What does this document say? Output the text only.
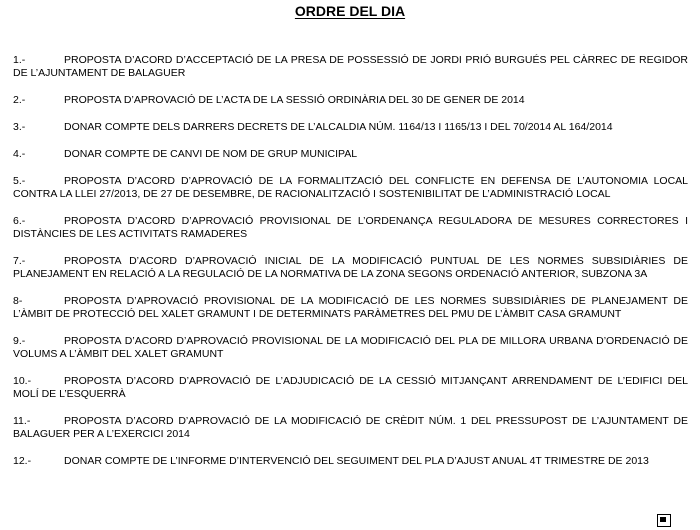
ORDRE DEL DIA

1.-	PROPOSTA D’ACORD D’ACCEPTACIÓ DE LA PRESA DE POSSESSIÓ DE JORDI PRIÓ BURGUÉS PEL CÀRREC DE REGIDOR DE L’AJUNTAMENT DE BALAGUER

2.-	PROPOSTA D’APROVACIÓ DE L’ACTA DE LA SESSIÓ ORDINÀRIA DEL 30 DE GENER DE 2014

3.-	DONAR COMPTE DELS DARRERS DECRETS DE L’ALCALDIA NÚM. 1164/13 I 1165/13 I DEL 70/2014 AL 164/2014

4.-	DONAR COMPTE DE CANVI DE NOM DE GRUP MUNICIPAL

5.-	PROPOSTA D’ACORD D’APROVACIÓ DE LA FORMALITZACIÓ DEL CONFLICTE EN DEFENSA DE L’AUTONOMIA LOCAL CONTRA LA LLEI 27/2013, DE 27 DE DESEMBRE, DE RACIONALITZACIÓ I SOSTENIBILITAT DE L’ADMINISTRACIÓ LOCAL

6.-	PROPOSTA D’ACORD D’APROVACIÓ PROVISIONAL DE L’ORDENANÇA REGULADORA DE MESURES CORRECTORES I DISTÀNCIES DE LES ACTIVITATS RAMADERES

7.-	PROPOSTA D’ACORD D’APROVACIÓ INICIAL DE LA MODIFICACIÓ PUNTUAL DE LES NORMES SUBSIDIÀRIES DE PLANEJAMENT EN RELACIÓ A LA REGULACIÓ DE LA NORMATIVA DE LA ZONA SEGONS ORDENACIÓ ANTERIOR, SUBZONA 3A

8-	PROPOSTA D’APROVACIÓ PROVISIONAL DE LA MODIFICACIÓ DE LES NORMES SUBSIDIÀRIES DE PLANEJAMENT DE L’ÀMBIT DE PROTECCIÓ DEL XALET GRAMUNT I DE DETERMINATS PARÀMETRES DEL PMU DE L’ÀMBIT CASA GRAMUNT

9.-	PROPOSTA D’ACORD D’APROVACIÓ PROVISIONAL DE LA MODIFICACIÓ DEL PLA DE MILLORA URBANA D’ORDENACIÓ DE VOLUMS A L’ÀMBIT DEL XALET GRAMUNT

10.-	PROPOSTA D’ACORD D’APROVACIÓ DE L’ADJUDICACIÓ DE LA CESSIÓ MITJANÇANT ARRENDAMENT DE L’EDIFICI DEL MOLÍ DE L’ESQUERRÀ

11.-	PROPOSTA D’ACORD D’APROVACIÓ DE LA MODIFICACIÓ DE CRÈDIT NÚM. 1 DEL PRESSUPOST DE L’AJUNTAMENT DE BALAGUER PER A L’EXERCICI 2014

12.-	DONAR COMPTE DE L’INFORME D’INTERVENCIÓ DEL SEGUIMENT DEL PLA D’AJUST ANUAL 4T TRIMESTRE DE 2013
